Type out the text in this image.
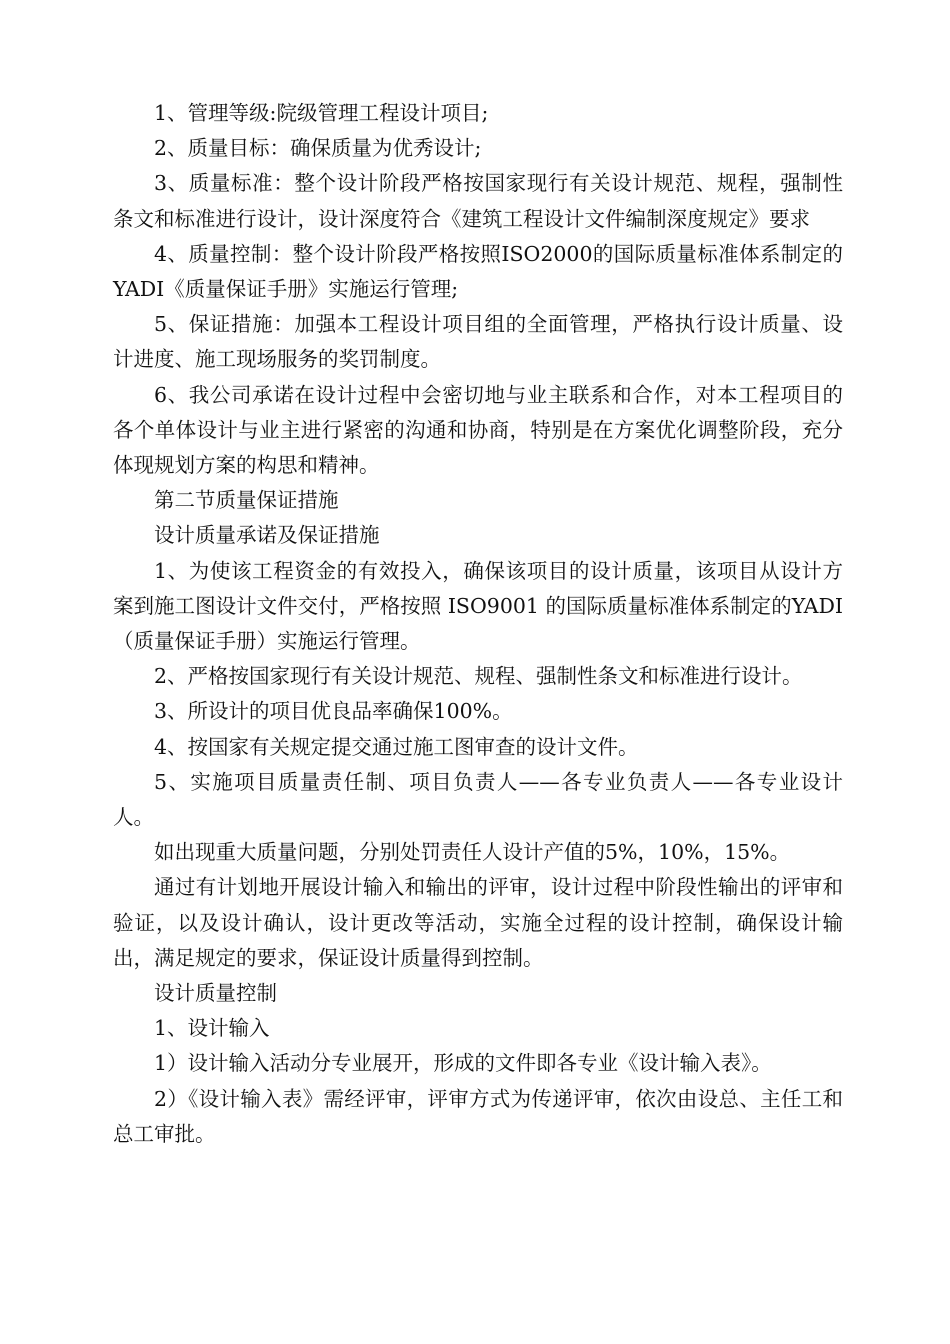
1、管理等级:院级管理工程设计项目;

2、质量目标：确保质量为优秀设计;

3、质量标准：整个设计阶段严格按国家现行有关设计规范、规程，强制性条文和标准进行设计，设计深度符合《建筑工程设计文件编制深度规定》要求

4、质量控制：整个设计阶段严格按照ISO2000的国际质量标准体系制定的YADI《质量保证手册》实施运行管理;

5、保证措施：加强本工程设计项目组的全面管理，严格执行设计质量、设计进度、施工现场服务的奖罚制度。

6、我公司承诺在设计过程中会密切地与业主联系和合作，对本工程项目的各个单体设计与业主进行紧密的沟通和协商，特别是在方案优化调整阶段，充分体现规划方案的构思和精神。

第二节质量保证措施

设计质量承诺及保证措施

1、为使该工程资金的有效投入，确保该项目的设计质量，该项目从设计方案到施工图设计文件交付，严格按照 ISO9001 的国际质量标准体系制定的YADI（质量保证手册）实施运行管理。

2、严格按国家现行有关设计规范、规程、强制性条文和标准进行设计。

3、所设计的项目优良品率确保100%。

4、按国家有关规定提交通过施工图审查的设计文件。

5、实施项目质量责任制、项目负责人——各专业负责人——各专业设计人。

如出现重大质量问题，分别处罚责任人设计产值的5%，10%，15%。

通过有计划地开展设计输入和输出的评审，设计过程中阶段性输出的评审和验证，以及设计确认，设计更改等活动，实施全过程的设计控制，确保设计输出，满足规定的要求，保证设计质量得到控制。

设计质量控制

1、设计输入

1）设计输入活动分专业展开，形成的文件即各专业《设计输入表》。

2）《设计输入表》需经评审，评审方式为传递评审，依次由设总、主任工和总工审批。
